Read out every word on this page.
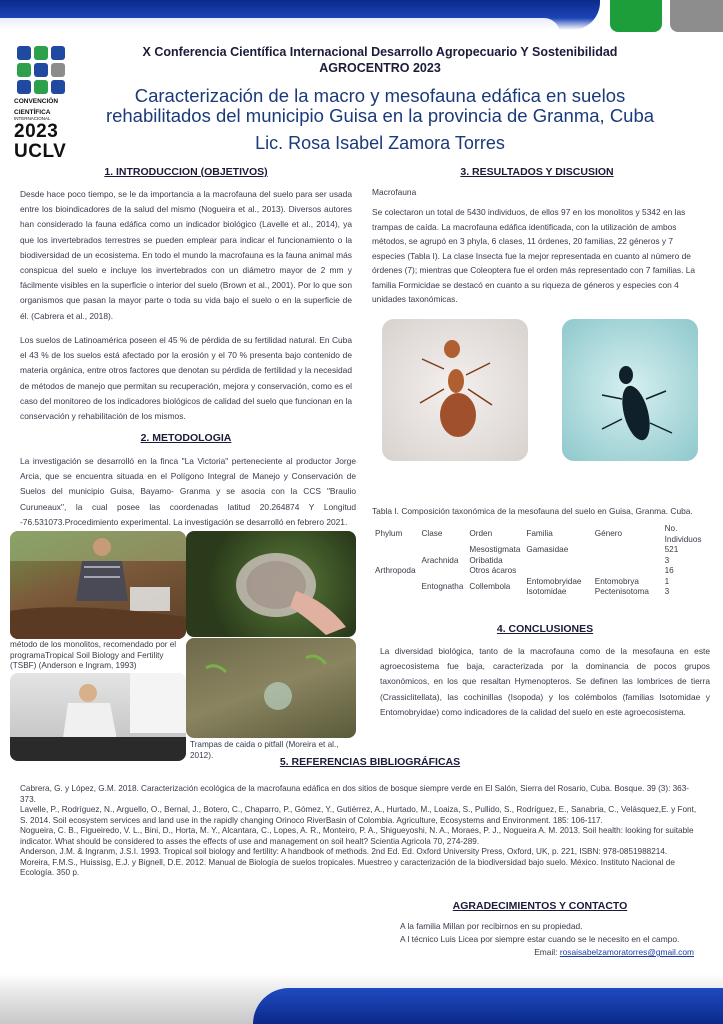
CONVENCIÓN
CIENTÍFICA
INTERNACIONAL
2023
UCLV
X Conferencia Científica Internacional Desarrollo Agropecuario Y Sostenibilidad
AGROCENTRO 2023
Caracterización de la macro y mesofauna edáfica en suelos
rehabilitados del municipio Guisa en la provincia de Granma, Cuba
Lic. Rosa Isabel Zamora Torres
1. INTRODUCCION (OBJETIVOS)
Desde hace poco tiempo, se le da importancia a la macrofauna del suelo para ser usada entre los bioindicadores de la salud del mismo (Nogueira et al., 2013). Diversos autores han considerado la fauna edáfica como un indicador biológico (Lavelle et al., 2014), ya que los invertebrados terrestres se pueden emplear para indicar el funcionamiento o la biodiversidad de un ecosistema. En todo el mundo la macrofauna es la fauna animal más conspicua del suelo e incluye los invertebrados con un diámetro mayor de 2 mm y fácilmente visibles en la superficie o interior del suelo (Brown et al., 2001). Por lo que son organismos que pasan la mayor parte o toda su vida bajo el suelo o en la superficie de él. (Cabrera et al., 2018).
Los suelos de Latinoamérica poseen el 45 % de pérdida de su fertilidad natural. En Cuba el 43 % de los suelos está afectado por la erosión y el 70 % presenta bajo contenido de materia orgánica, entre otros factores que denotan su pérdida de fertilidad y la necesidad de métodos de manejo que permitan su recuperación, mejora y conservación, como es el caso del monitoreo de los indicadores biológicos de calidad del suelo que funcionan en la conservación y rehabilitación de los mismos.
2. METODOLOGIA
La investigación se desarrolló en la finca "La Victoria" perteneciente al productor Jorge Arcia, que se encuentra situada en el Polígono Integral de Manejo y Conservación de Suelos del municipio Guisa, Bayamo- Granma y se asocia con la CCS "Braulio Curuneaux", la cual posee las coordenadas latitud 20.264874 Y Longitud -76.531073.Procedimiento experimental. La investigación se desarrolló en febrero 2021.
método de los monolitos, recomendado por el programaTropical Soil Biology and Fertility (TSBF) (Anderson e Ingram, 1993)
Trampas de caida o pitfall (Moreira et al., 2012).
3. RESULTADOS Y DISCUSION
Macrofauna
Se colectaron un total de 5430 individuos, de ellos 97 en los monolitos y 5342 en las trampas de caída. La macrofauna edáfica identificada, con la utilización de ambos métodos, se agrupó en 3 phyla, 6 clases, 11 órdenes, 20 familias, 22 géneros y 7 especies (Tabla I). La clase Insecta fue la mejor representada en cuanto al número de órdenes (7); mientras que Coleoptera fue el orden más representado con 7 familias. La familia Formicidae se destacó en cuanto a su riqueza de géneros y especies con 4 unidades taxonómicas.
Tabla I. Composición taxonómica de la mesofauna del suelo en Guisa, Granma. Cuba.
Phylum	Clase	Orden	Familia	Género	No. Individuos

Arthropoda	Arachnida	Mesostigmata	Gamasidae		521
		Oribatida			3
		Otros ácaros			16
	Entognatha	Collembola	Entomobryidae	Entomobrya	1
			Isotomidae	Pectenisotoma	3
4. CONCLUSIONES
La diversidad biológica, tanto de la macrofauna como de la mesofauna en este agroecosistema fue baja, caracterizada por la dominancia de pocos grupos taxonómicos, en los que resaltan Hymenopteros. Se definen las lombrices de tierra (Crassiclitellata), las cochinillas (Isopoda) y los colémbolos (familias Isotomidae y Entomobryidae) como indicadores de la calidad del suelo en este agroecosistema.
5. REFERENCIAS BIBLIOGRÁFICAS
Cabrera, G. y López, G.M. 2018. Caracterización ecológica de la macrofauna edáfica en dos sitios de bosque siempre verde en El Salón, Sierra del Rosario, Cuba. Bosque. 39 (3): 363-373.
Lavelle, P., Rodríguez, N., Arguello, O., Bernal, J., Botero, C., Chaparro, P., Gómez, Y., Gutiérrez, A., Hurtado, M., Loaiza, S., Pullido, S., Rodríguez, E., Sanabria, C., Velásquez,E. y Font, S. 2014. Soil ecosystem services and land use in the rapidly changing Orinoco RiverBasin of Colombia. Agriculture, Ecosystems and Environment. 185: 106-117.
Nogueira, C. B., Figueiredo, V. L., Bini, D., Horta, M. Y., Alcantara, C., Lopes, A. R., Monteiro, P. A., Shigueyoshi, N. A., Moraes, P. J., Nogueira A. M. 2013. Soil health: looking for suitable indicator. What should be considered to asses the effects of use and management on soil healt? Scientia Agricola 70, 274-289.
Anderson, J.M. & Ingranm, J.S.I. 1993. Tropical soil biology and fertility: A handbook of methods. 2nd Ed. Ed. Oxford University Press, Oxford, UK, p. 221, ISBN: 978-0851988214.
Moreira, F.M.S., Huissisg, E.J. y Bignell, D.E. 2012. Manual de Biología de suelos tropicales. Muestreo y caracterización de la biodiversidad bajo suelo. México. Instituto Nacional de Ecología. 350 p.
AGRADECIMIENTOS Y CONTACTO
A la familia Millan por recibirnos en su propiedad.
A l técnico Luis Licea por siempre estar cuando se le necesito en el campo.
Email: rosaisabelzamoratorres@gmail.com
